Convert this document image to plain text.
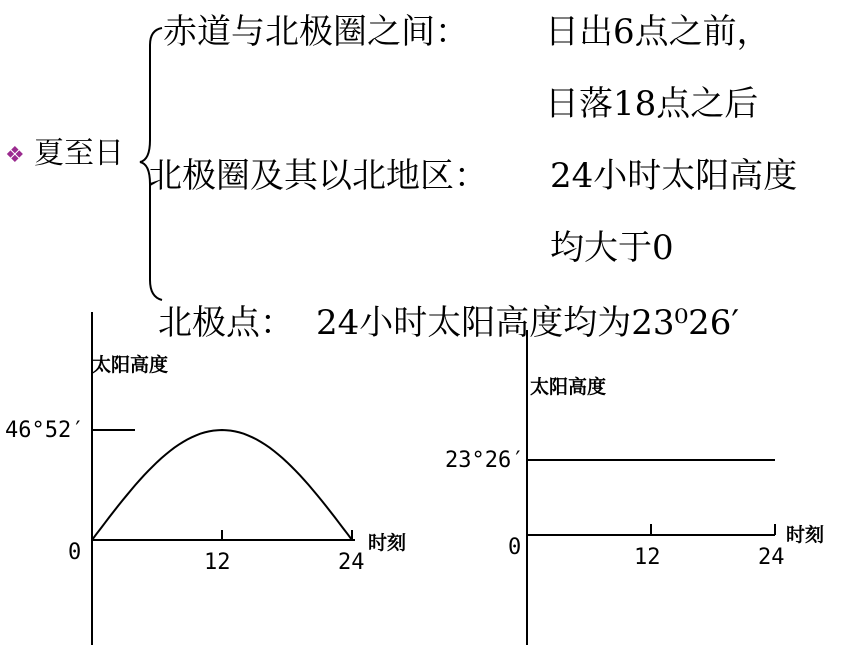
❖ 夏至日
赤道与北极圈之间： 日出6点之前，
日落18点之后
北极圈及其以北地区： 24小时太阳高度
均大于0
北极点： 24小时太阳高度均为23⁰26′
太阳高度
46°52′
0	12	24
时刻
太阳高度
23°26′
0	12	24
时刻
